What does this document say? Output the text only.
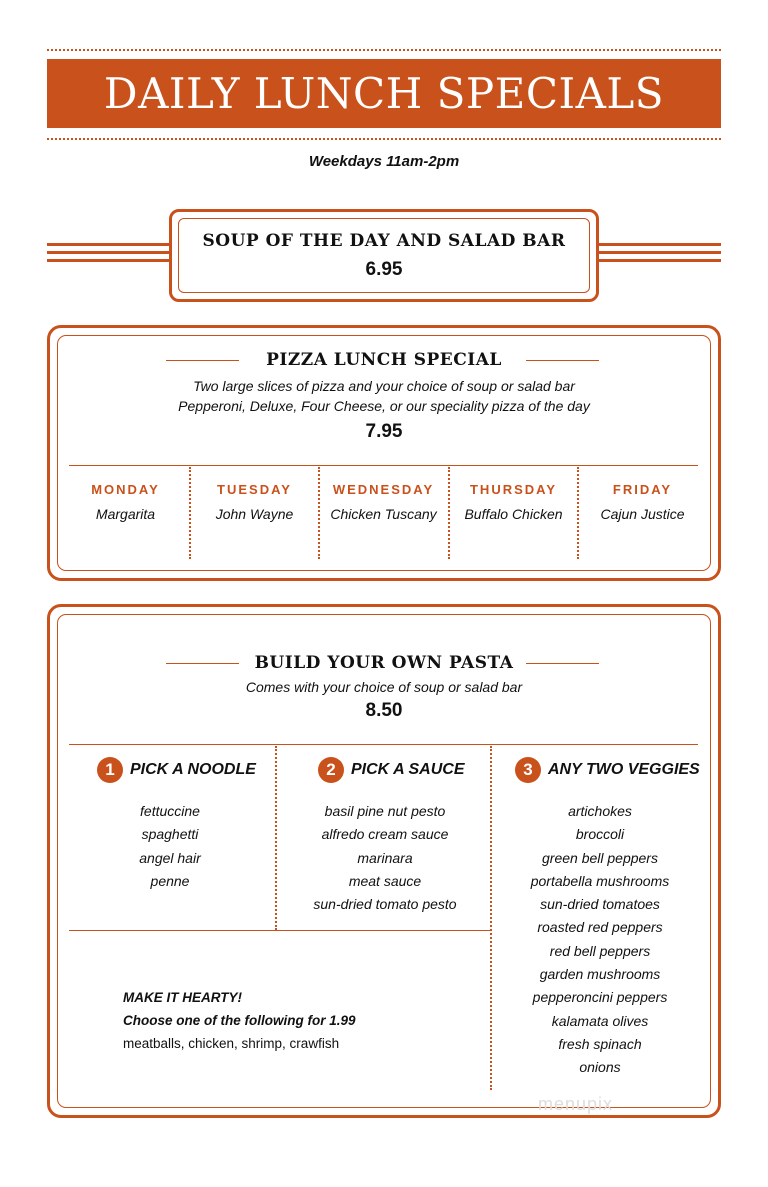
DAILY LUNCH SPECIALS
Weekdays 11am-2pm
SOUP OF THE DAY AND SALAD BAR
6.95
PIZZA LUNCH SPECIAL
Two large slices of pizza and your choice of soup or salad bar
Pepperoni, Deluxe, Four Cheese, or our speciality pizza of the day
7.95
MONDAY
Margarita
TUESDAY
John Wayne
WEDNESDAY
Chicken Tuscany
THURSDAY
Buffalo Chicken
FRIDAY
Cajun Justice
BUILD YOUR OWN PASTA
Comes with your choice of soup or salad bar
8.50
1 PICK A NOODLE	2 PICK A SAUCE	3 ANY TWO VEGGIES
fettuccine
spaghetti
angel hair
penne
basil pine nut pesto
alfredo cream sauce
marinara
meat sauce
sun-dried tomato pesto
artichokes
broccoli
green bell peppers
portabella mushrooms
sun-dried tomatoes
roasted red peppers
red bell peppers
garden mushrooms
pepperoncini peppers
kalamata olives
fresh spinach
onions
MAKE IT HEARTY!
Choose one of the following for 1.99
meatballs, chicken, shrimp, crawfish
menupix
